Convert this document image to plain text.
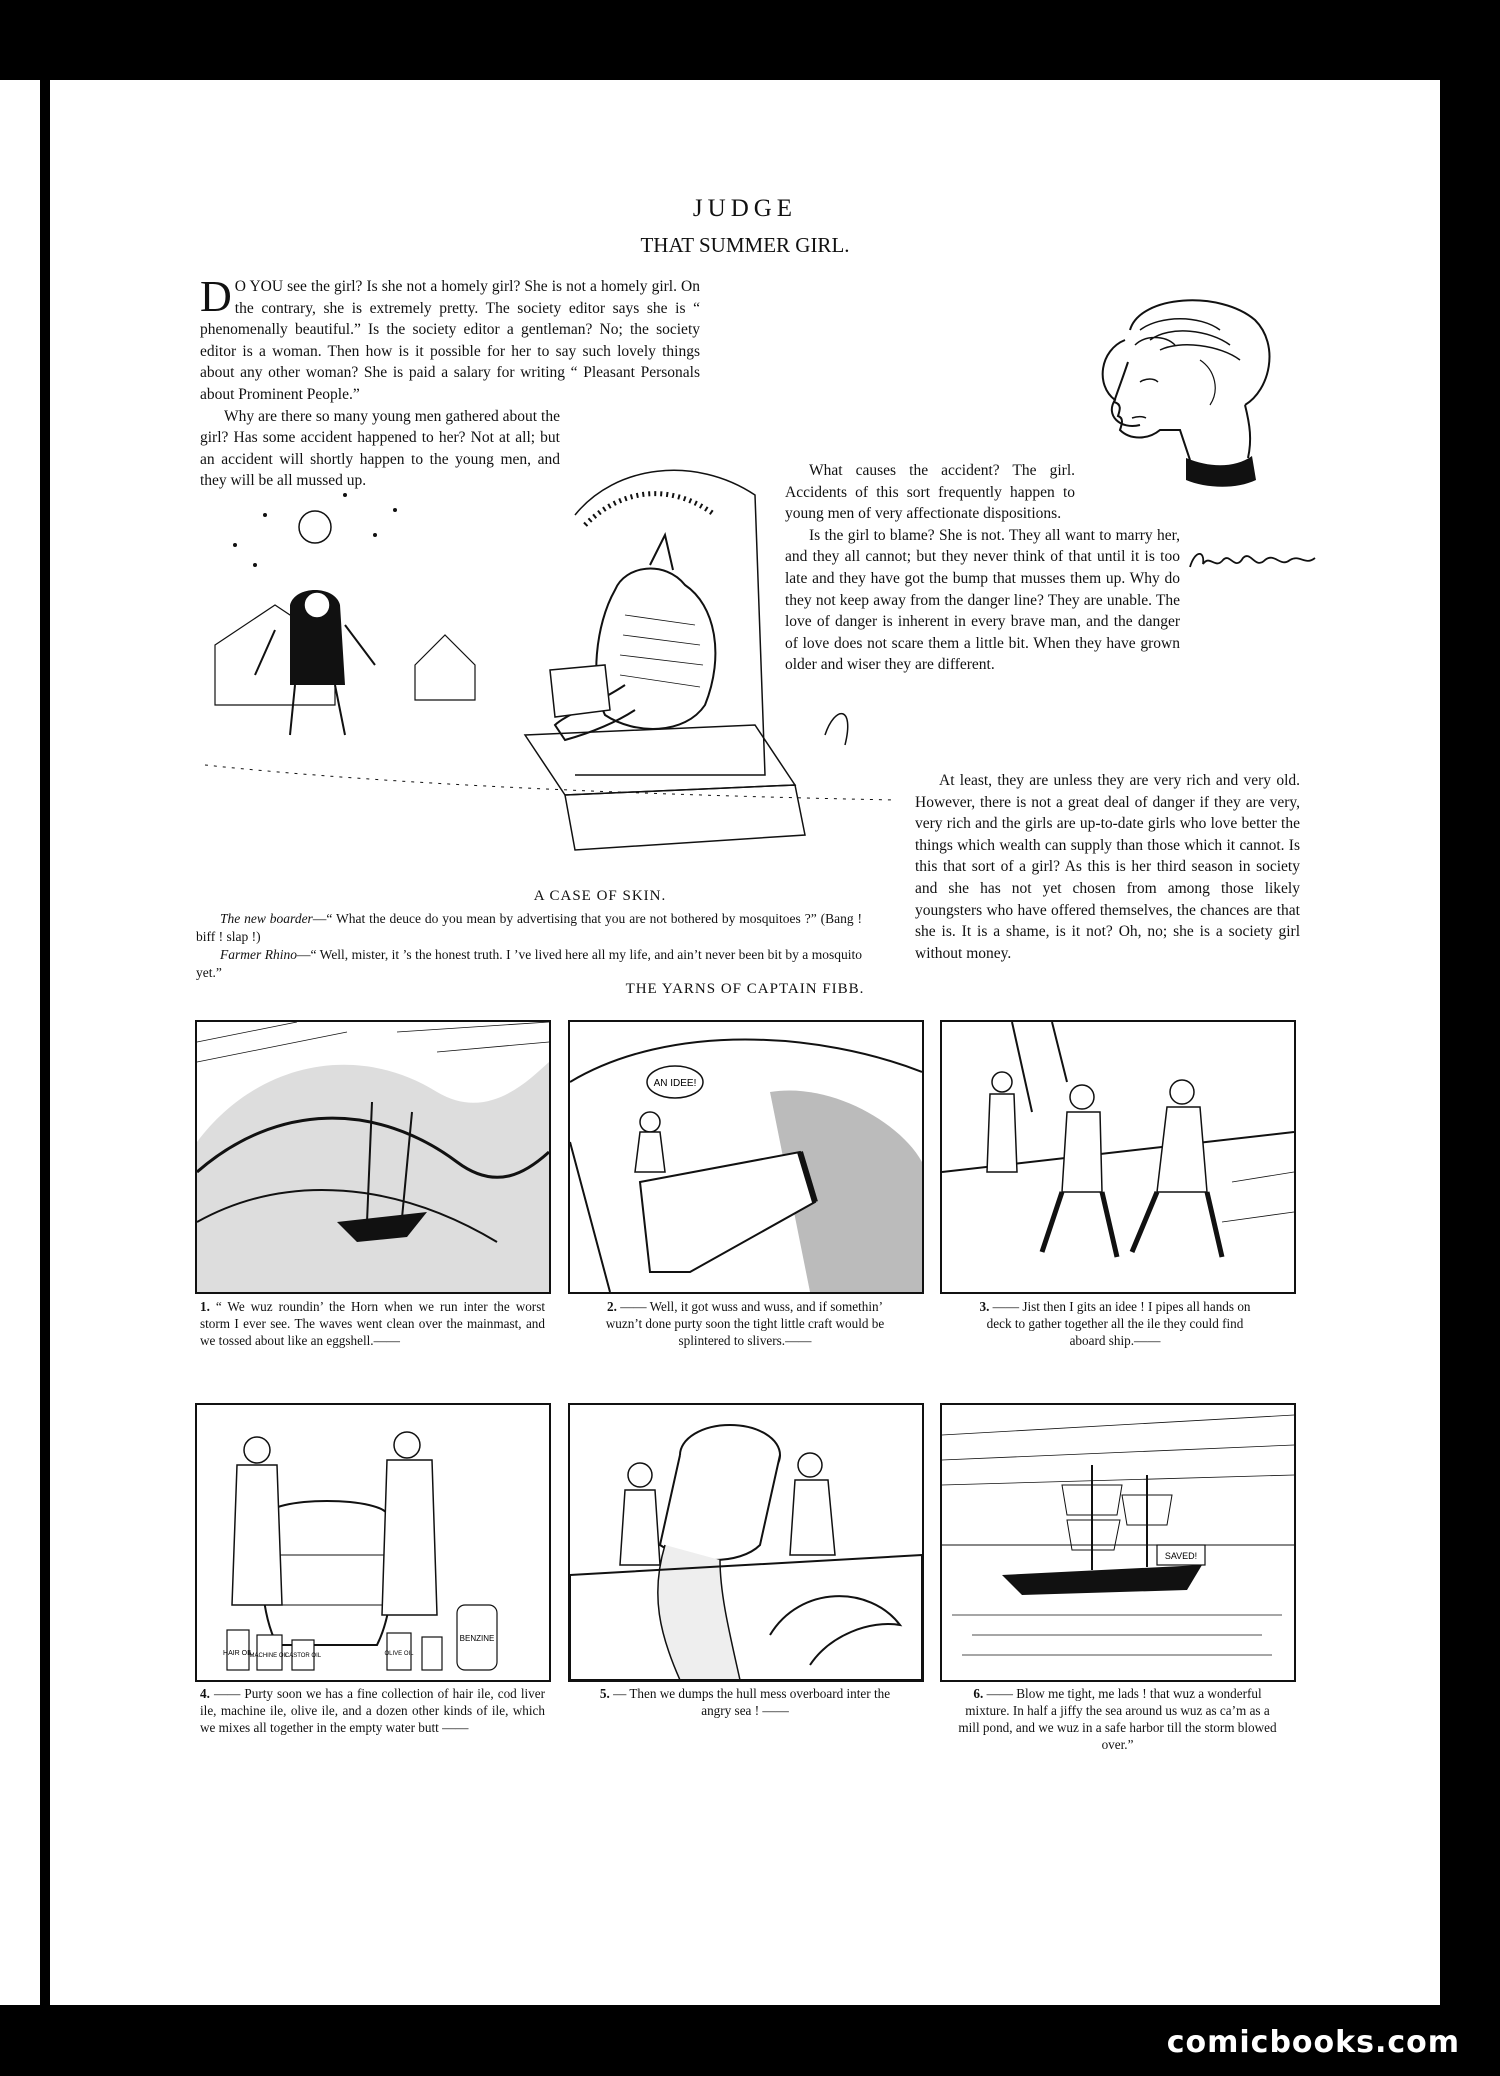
JUDGE
THAT SUMMER GIRL.

D O YOU see the girl? Is she not a homely girl? She is not a homely girl. On the contrary, she is extremely pretty. The society editor says she is “ phenomenally beautiful.” Is the society editor a gentleman? No; the society editor is a woman. Then how is it possible for her to say such lovely things about any other woman? She is paid a salary for writing “ Pleasant Personals about Prominent People.”

Why are there so many young men gathered about the girl? Has some accident happened to her? Not at all; but an accident will shortly happen to the young men, and they will be all mussed up.

What causes the accident? The girl. Accidents of this sort frequently happen to young men of very affectionate dispositions.

Is the girl to blame? She is not. They all want to marry her, and they all cannot; but they never think of that until it is too late and they have got the bump that musses them up. Why do they not keep away from the danger line? They are unable. The love of danger is inherent in every brave man, and the danger of love does not scare them a little bit. When they have grown older and wiser they are different.

At least, they are unless they are very rich and very old. However, there is not a great deal of danger if they are very, very rich and the girls are up-to-date girls who love better the things which wealth can supply than those which it cannot. Is this that sort of a girl? As this is her third season in society and she has not yet chosen from among those likely youngsters who have offered themselves, the chances are that she is. It is a shame, is it not? Oh, no; she is a society girl without money.

A CASE OF SKIN.
The new boarder—“ What the deuce do you mean by advertising that you are not bothered by mosquitoes ?” (Bang ! biff ! slap !)
Farmer Rhino—“ Well, mister, it ’s the honest truth. I ’ve lived here all my life, and ain’t never been bit by a mosquito yet.”
THE YARNS OF CAPTAIN FIBB.
AN IDEE!
1. “ We wuz roundin’ the Horn when we run inter the worst storm I ever see. The waves went clean over the mainmast, and we tossed about like an eggshell.——
2. —— Well, it got wuss and wuss, and if somethin’ wuzn’t done purty soon the tight little craft would be splintered to slivers.——
3. —— Jist then I gits an idee ! I pipes all hands on deck to gather together all the ile they could find aboard ship.——
HAIR OIL
MACHINE OIL
CASTOR OIL	OLIVE OIL
BENZINE
SAVED!
4. —— Purty soon we has a fine collection of hair ile, cod liver ile, machine ile, olive ile, and a dozen other kinds of ile, which we mixes all together in the empty water butt ——
5. — Then we dumps the hull mess overboard inter the angry sea ! ——
6. —— Blow me tight, me lads ! that wuz a wonderful mixture. In half a jiffy the sea around us wuz as ca’m as a mill pond, and we wuz in a safe harbor till the storm blowed over.”
comicbooks.com
